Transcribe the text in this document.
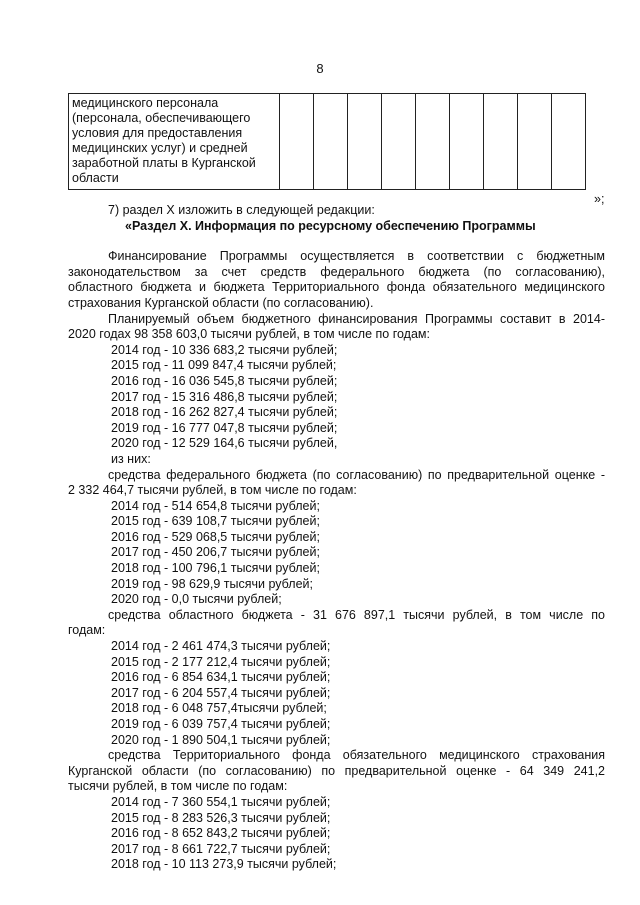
8
медицинского персонала
(персонала, обеспечивающего
условия для предоставления
медицинских услуг) и средней
заработной платы в Курганской
области

»;
7) раздел X изложить в следующей редакции:
«Раздел X. Информация по ресурсному обеспечению Программы
Финансирование Программы осуществляется в соответствии с бюджетным
законодательством за счет средств федерального бюджета (по согласованию),
областного бюджета и бюджета Территориального фонда обязательного медицинского
страхования Курганской области (по согласованию).
Планируемый объем бюджетного финансирования Программы составит в 2014-
2020 годах 98 358 603,0 тысячи рублей, в том числе по годам:
2014 год - 10 336 683,2 тысячи рублей;
2015 год - 11 099 847,4 тысячи рублей;
2016 год - 16 036 545,8 тысячи рублей;
2017 год - 15 316 486,8 тысячи рублей;
2018 год - 16 262 827,4 тысячи рублей;
2019 год - 16 777 047,8 тысячи рублей;
2020 год - 12 529 164,6 тысячи рублей,
из них:
средства федерального бюджета (по согласованию) по предварительной оценке -
2 332 464,7 тысячи рублей, в том числе по годам:
2014 год - 514 654,8 тысячи рублей;
2015 год - 639 108,7 тысячи рублей;
2016 год - 529 068,5 тысячи рублей;
2017 год - 450 206,7 тысячи рублей;
2018 год - 100 796,1 тысячи рублей;
2019 год - 98 629,9 тысячи рублей;
2020 год - 0,0 тысячи рублей;
средства областного бюджета - 31 676 897,1 тысячи рублей, в том числе по
годам:
2014 год - 2 461 474,3 тысячи рублей;
2015 год - 2 177 212,4 тысячи рублей;
2016 год - 6 854 634,1 тысячи рублей;
2017 год - 6 204 557,4 тысячи рублей;
2018 год - 6 048 757,4тысячи рублей;
2019 год - 6 039 757,4 тысячи рублей;
2020 год - 1 890 504,1 тысячи рублей;
средства Территориального фонда обязательного медицинского страхования
Курганской области (по согласованию) по предварительной оценке - 64 349 241,2
тысячи рублей, в том числе по годам:
2014 год - 7 360 554,1 тысячи рублей;
2015 год - 8 283 526,3 тысячи рублей;
2016 год - 8 652 843,2 тысячи рублей;
2017 год - 8 661 722,7 тысячи рублей;
2018 год - 10 113 273,9 тысячи рублей;
